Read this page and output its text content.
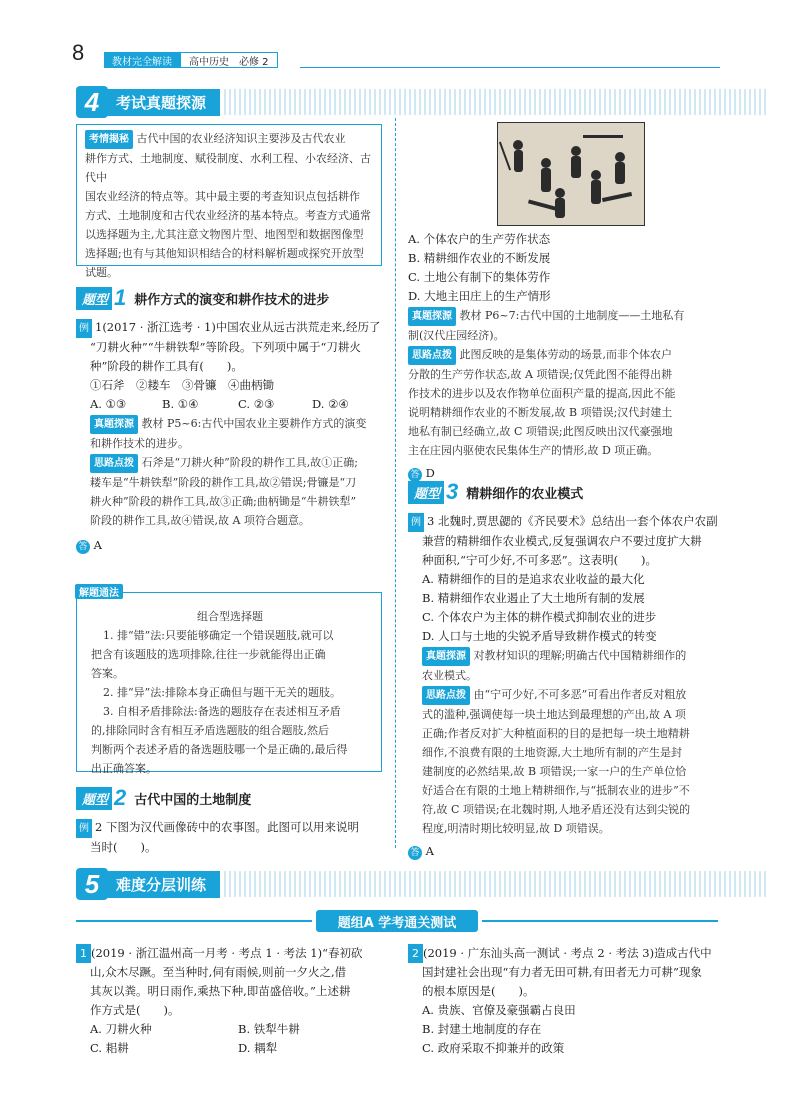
8	教材完全解读	高中历史　 必修 2
4	考试真题探源
考情揭秘 古代中国的农业经济知识主要涉及古代农业
耕作方式、土地制度、赋役制度、水利工程、小农经济、古代中
国农业经济的特点等。其中最主要的考查知识点包括耕作
方式、土地制度和古代农业经济的基本特点。考查方式通常
以选择题为主,尤其注意文物图片型、地图型和数据图像型
选择题;也有与其他知识相结合的材料解析题或探究开放型
试题。
题型 1 耕作方式的演变和耕作技术的进步
例 1(2017 · 浙江选考 · 1)中国农业从远古洪荒走来,经历了
“刀耕火种”“牛耕铁犁”等阶段。下列项中属于“刀耕火
种”阶段的耕作工具有(　　)。
①石斧　②耧车　③骨镰　④曲柄锄
A. ①③	B. ①④	C. ②③	D. ②④
真题探源 教材 P5~6:古代中国农业主要耕作方式的演变
和耕作技术的进步。
思路点拨 石斧是“刀耕火种”阶段的耕作工具,故①正确;
耧车是“牛耕铁犁”阶段的耕作工具,故②错误;骨镰是“刀
耕火种”阶段的耕作工具,故③正确;曲柄锄是“牛耕铁犁”
阶段的耕作工具,故④错误,故 A 项符合题意。
答 A
解题通法
组合型选择题
1. 排“错”法:只要能够确定一个错误题肢,就可以
把含有该题肢的选项排除,往往一步就能得出正确
答案。
2. 排“异”法:排除本身正确但与题干无关的题肢。
3. 自相矛盾排除法:备选的题肢存在表述相互矛盾
的,排除同时含有相互矛盾选题肢的组合题肢,然后
判断两个表述矛盾的备选题肢哪一个是正确的,最后得
出正确答案。
题型 2 古代中国的土地制度
例 2 下图为汉代画像砖中的农事图。此图可以用来说明
当时(　　)。
A. 个体农户的生产劳作状态
B. 精耕细作农业的不断发展
C. 土地公有制下的集体劳作
D. 大地主田庄上的生产情形
真题探源 教材 P6~7:古代中国的土地制度——土地私有
制(汉代庄园经济)。
思路点拨 此图反映的是集体劳动的场景,而非个体农户
分散的生产劳作状态,故 A 项错误;仅凭此图不能得出耕
作技术的进步以及农作物单位面积产量的提高,因此不能
说明精耕细作农业的不断发展,故 B 项错误;汉代封建土
地私有制已经确立,故 C 项错误;此图反映出汉代豪强地
主在庄园内驱使农民集体生产的情形,故 D 项正确。
答 D
题型 3 精耕细作的农业模式
例 3 北魏时,贾思勰的《齐民要术》总结出一套个体农户农副
兼营的精耕细作农业模式,反复强调农户不要过度扩大耕
种面积,“宁可少好,不可多恶”。这表明(　　)。
A. 精耕细作的目的是追求农业收益的最大化
B. 精耕细作农业遏止了大土地所有制的发展
C. 个体农户为主体的耕作模式抑制农业的进步
D. 人口与土地的尖锐矛盾导致耕作模式的转变
真题探源 对教材知识的理解;明确古代中国精耕细作的
农业模式。
思路点拨 由“宁可少好,不可多恶”可看出作者反对粗放
式的滥种,强调使每一块土地达到最理想的产出,故 A 项
正确;作者反对扩大种植面积的目的是把每一块土地精耕
细作,不浪费有限的土地资源,大土地所有制的产生是封
建制度的必然结果,故 B 项错误;一家一户的生产单位恰
好适合在有限的土地上精耕细作,与“抵制农业的进步”不
符,故 C 项错误;在北魏时期,人地矛盾还没有达到尖锐的
程度,明清时期比较明显,故 D 项错误。
答 A
5	难度分层训练
题组A 学考通关测试
1 (2019 · 浙江温州高一月考 · 考点 1 · 考法 1)“春初砍
山,众木尽蹶。至当种时,伺有雨候,则前一夕火之,借
其灰以粪。明日雨作,乘热下种,即苗盛倍收。”上述耕
作方式是(　　)。
A. 刀耕火种	B. 铁犁牛耕
C. 耜耕	D. 耦犁
2 (2019 · 广东汕头高一测试 · 考点 2 · 考法 3)造成古代中
国封建社会出现“有力者无田可耕,有田者无力可耕”现象
的根本原因是(　　)。
A. 贵族、官僚及豪强霸占良田
B. 封建土地制度的存在
C. 政府采取不抑兼并的政策
